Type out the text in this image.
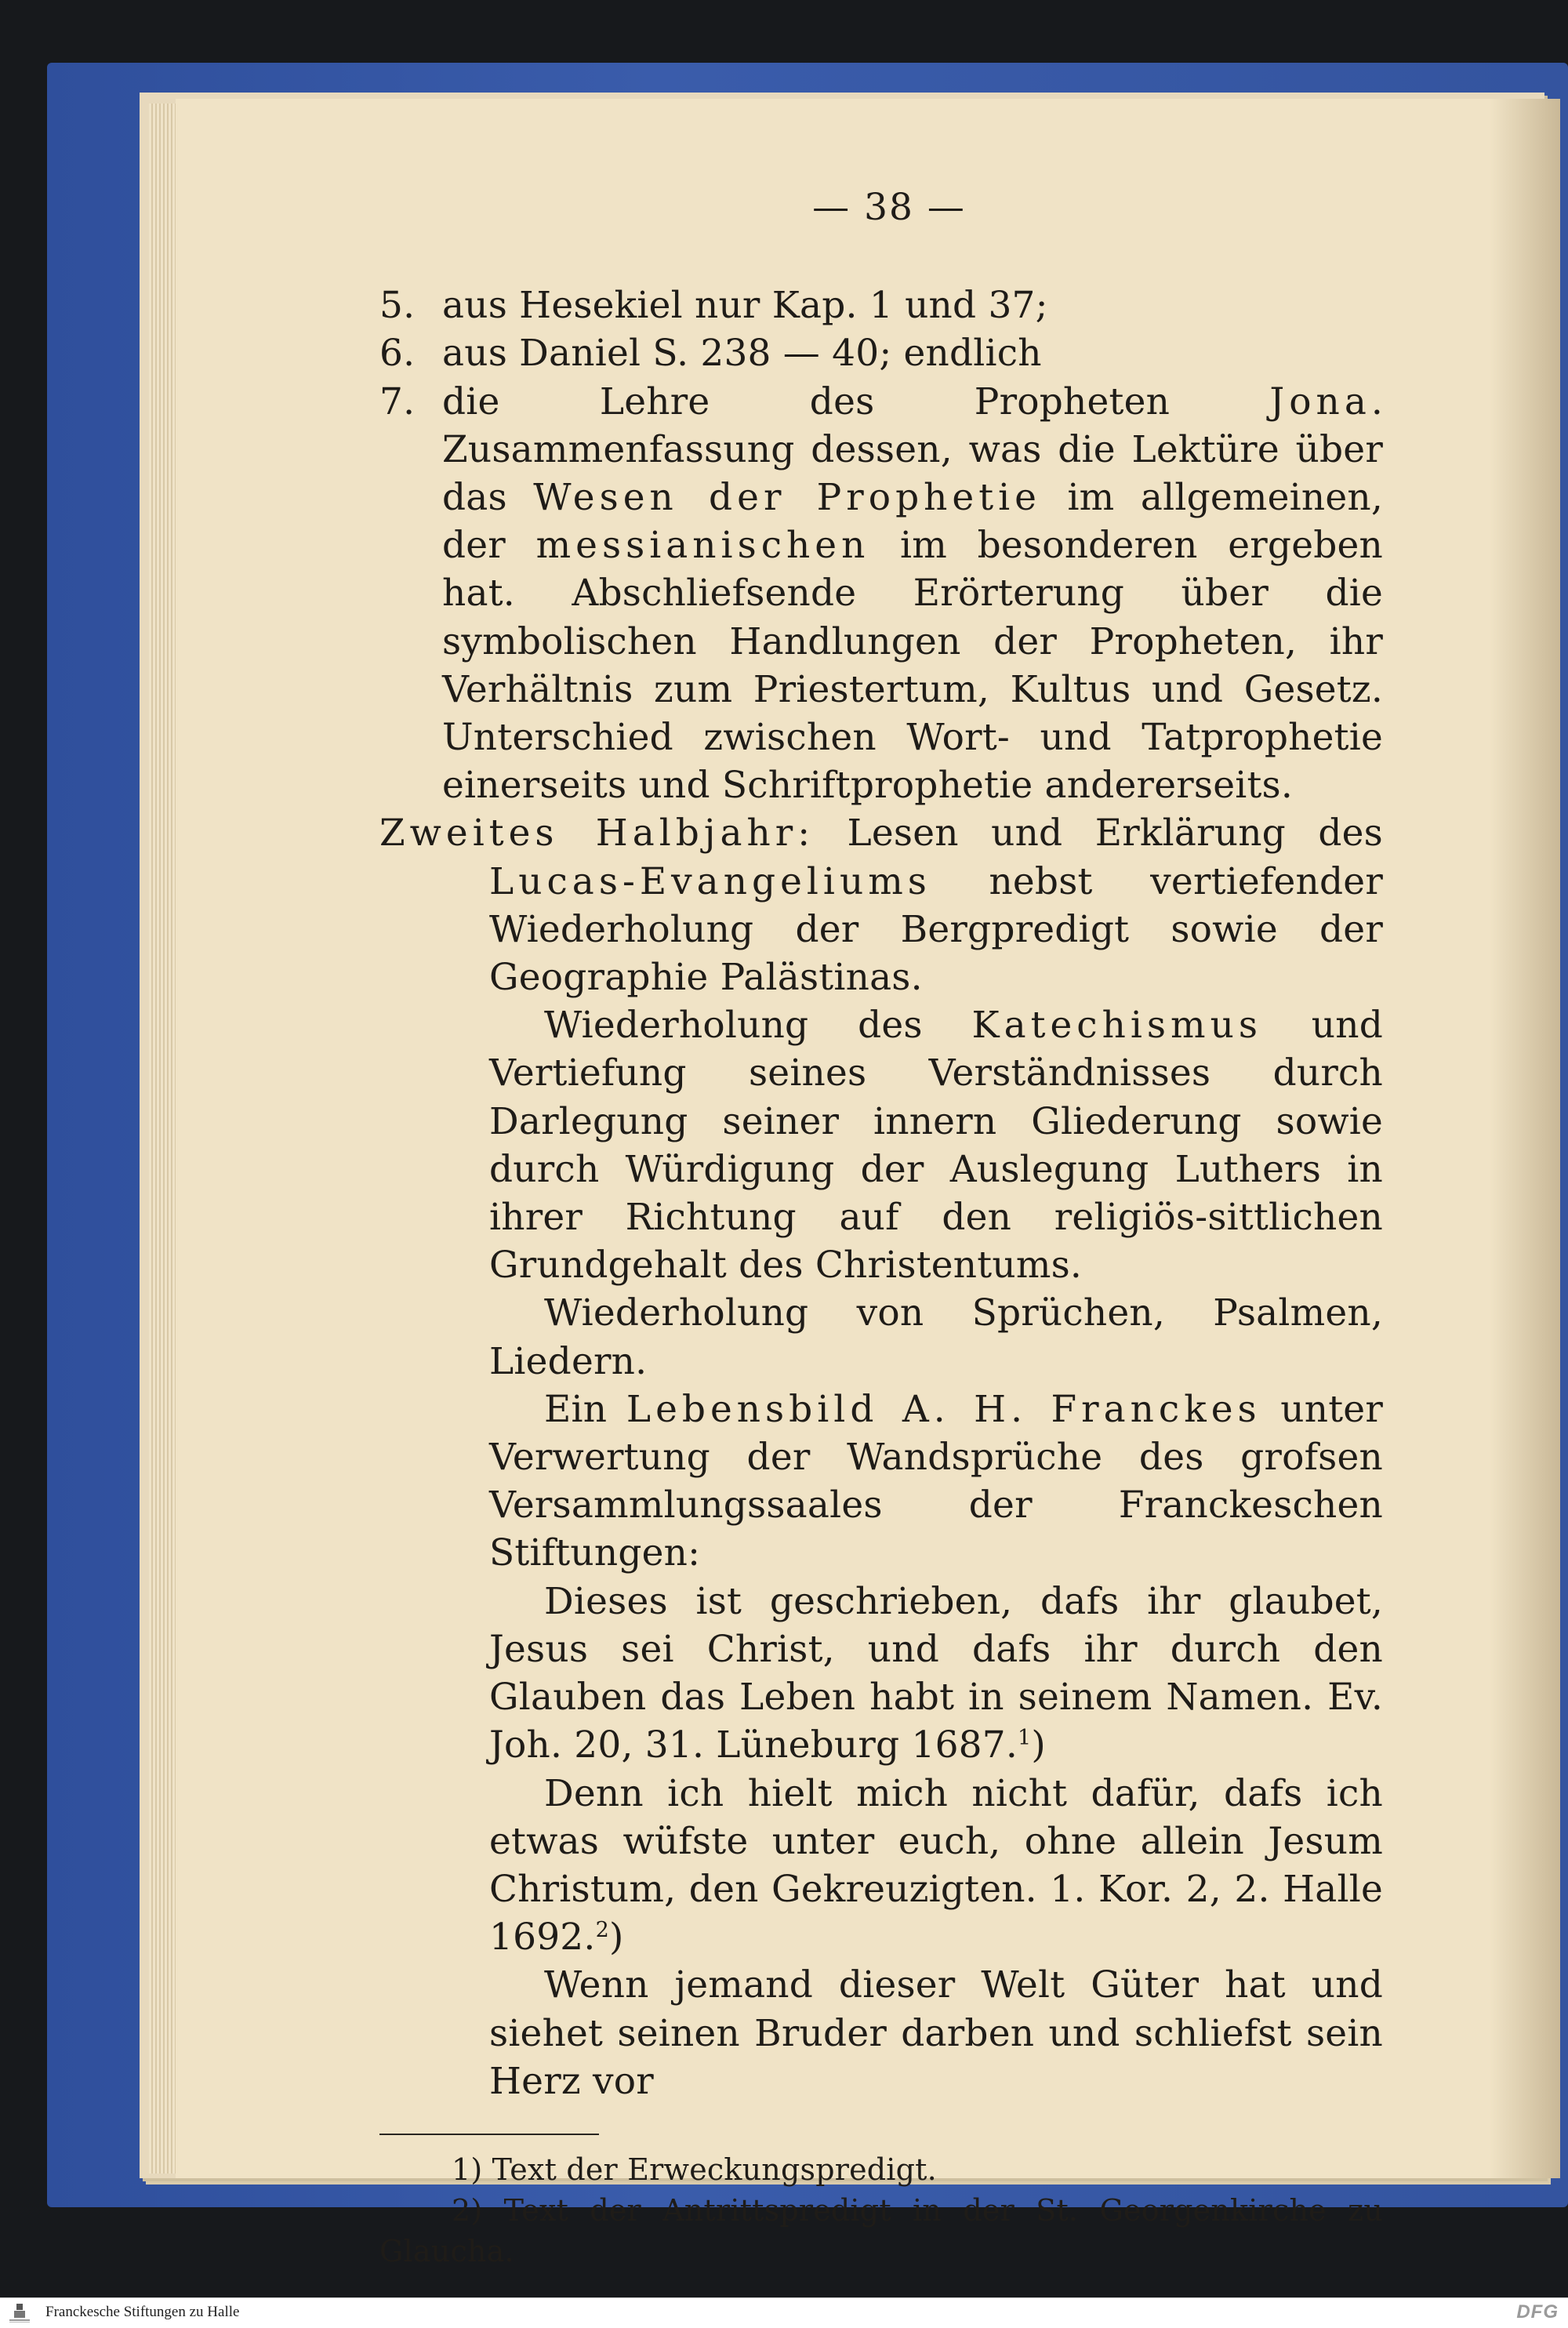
— 38 —

5. aus Hesekiel nur Kap. 1 und 37;

6. aus Daniel S. 238 — 40; endlich

7. die Lehre des Propheten Jona. Zusammenfassung dessen, was die Lektüre über das Wesen der Prophetie im allgemeinen, der messianischen im besonderen ergeben hat. Abschliefsende Erörterung über die symbolischen Handlungen der Propheten, ihr Verhältnis zum Priestertum, Kultus und Gesetz. Unterschied zwischen Wort- und Tatprophetie einerseits und Schriftprophetie andererseits.

Zweites Halbjahr: Lesen und Erklärung des Lucas-Evangeliums nebst vertiefender Wiederholung der Bergpredigt sowie der Geographie Palästinas.

Wiederholung des Katechismus und Vertiefung seines Verständnisses durch Darlegung seiner innern Gliederung sowie durch Würdigung der Auslegung Luthers in ihrer Richtung auf den religiös-sittlichen Grundgehalt des Christentums.

Wiederholung von Sprüchen, Psalmen, Liedern.

Ein Lebensbild A. H. Franckes unter Verwertung der Wandsprüche des grofsen Versammlungssaales der Franckeschen Stiftungen:

Dieses ist geschrieben, dafs ihr glaubet, Jesus sei Christ, und dafs ihr durch den Glauben das Leben habt in seinem Namen. Ev. Joh. 20, 31. Lüneburg 1687.$^1$)

Denn ich hielt mich nicht dafür, dafs ich etwas wüfste unter euch, ohne allein Jesum Christum, den Gekreuzigten. 1. Kor. 2, 2. Halle 1692.$^2$)

Wenn jemand dieser Welt Güter hat und siehet seinen Bruder darben und schliefst sein Herz vor

1) Text der Erweckungspredigt.

2) Text der Antrittspredigt in der St. Georgenkirche zu Glaucha.

Franckesche Stiftungen zu Halle	DFG
